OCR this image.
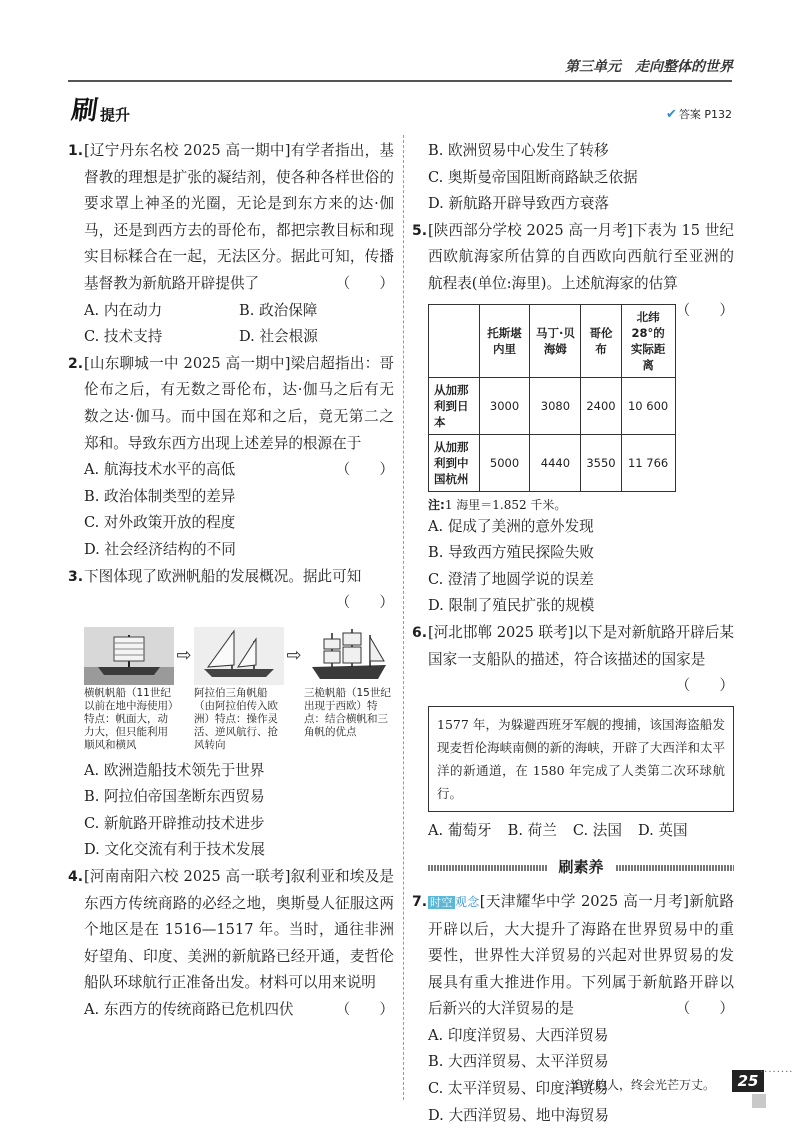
第三单元　走向整体的世界
刷 提升	✔ 答案 P132
1. [辽宁丹东名校 2025 高一期中]有学者指出，基督教的理想是扩张的凝结剂，使各种各样世俗的要求罩上神圣的光圈，无论是到东方来的达·伽马，还是到西方去的哥伦布，都把宗教目标和现实目标糅合在一起，无法区分。据此可知，传播基督教为新航路开辟提供了	（　　）
A. 内在动力	B. 政治保障
C. 技术支持	D. 社会根源
2. [山东聊城一中 2025 高一期中]梁启超指出：哥伦布之后，有无数之哥伦布，达·伽马之后有无数之达·伽马。而中国在郑和之后，竟无第二之郑和。导致东西方出现上述差异的根源在于
（　　）
A. 航海技术水平的高低
B. 政治体制类型的差异
C. 对外政策开放的程度
D. 社会经济结构的不同
3. 下图体现了欧洲帆船的发展概况。据此可知
（　　）
横帆帆船（11世纪以前在地中海使用）特点：帆面大，动力大，但只能利用顺风和横风
⇨
阿拉伯三角帆船（由阿拉伯传入欧洲）特点：操作灵活、逆风航行、抢风转向
⇨
三桅帆船（15世纪出现于西欧）特点：结合横帆和三角帆的优点
A. 欧洲造船技术领先于世界
B. 阿拉伯帝国垄断东西贸易
C. 新航路开辟推动技术进步
D. 文化交流有利于技术发展
4. [河南南阳六校 2025 高一联考]叙利亚和埃及是东西方传统商路的必经之地，奥斯曼人征服这两个地区是在 1516—1517 年。当时，通往非洲好望角、印度、美洲的新航路已经开通，麦哲伦船队环球航行正准备出发。材料可以用来说明
（　　）
A. 东西方的传统商路已危机四伏
B. 欧洲贸易中心发生了转移
C. 奥斯曼帝国阻断商路缺乏依据
D. 新航路开辟导致西方衰落
5. [陕西部分学校 2025 高一月考]下表为 15 世纪西欧航海家所估算的自西欧向西航行至亚洲的航程表(单位:海里)。上述航海家的估算
（　　）
	托斯堪内里	马丁·贝海姆	哥伦布	北纬 28°的实际距离
从加那利到日本	3000	3080	2400	10 600
从加那利到中国杭州	5000	4440	3550	11 766
注:1 海里＝1.852 千米。
A. 促成了美洲的意外发现
B. 导致西方殖民探险失败
C. 澄清了地圆学说的误差
D. 限制了殖民扩张的规模
6. [河北邯郸 2025 联考]以下是对新航路开辟后某国家一支船队的描述，符合该描述的国家是
（　　）
1577 年，为躲避西班牙军舰的搜捕，该国海盗船发现麦哲伦海峡南侧的新的海峡，开辟了大西洋和太平洋的新通道，在 1580 年完成了人类第二次环球航行。
A. 葡萄牙 B. 荷兰 C. 法国 D. 英国
刷素养
7. 时空 观念[天津耀华中学 2025 高一月考]新航路开辟以后，大大提升了海路在世界贸易中的重要性，世界性大洋贸易的兴起对世界贸易的发展具有重大推进作用。下列属于新航路开辟以后新兴的大洋贸易的是	（　　）
A. 印度洋贸易、大西洋贸易
B. 大西洋贸易、太平洋贸易
C. 太平洋贸易、印度洋贸易
D. 大西洋贸易、地中海贸易
追光的人，终会光芒万丈。	25 ········
